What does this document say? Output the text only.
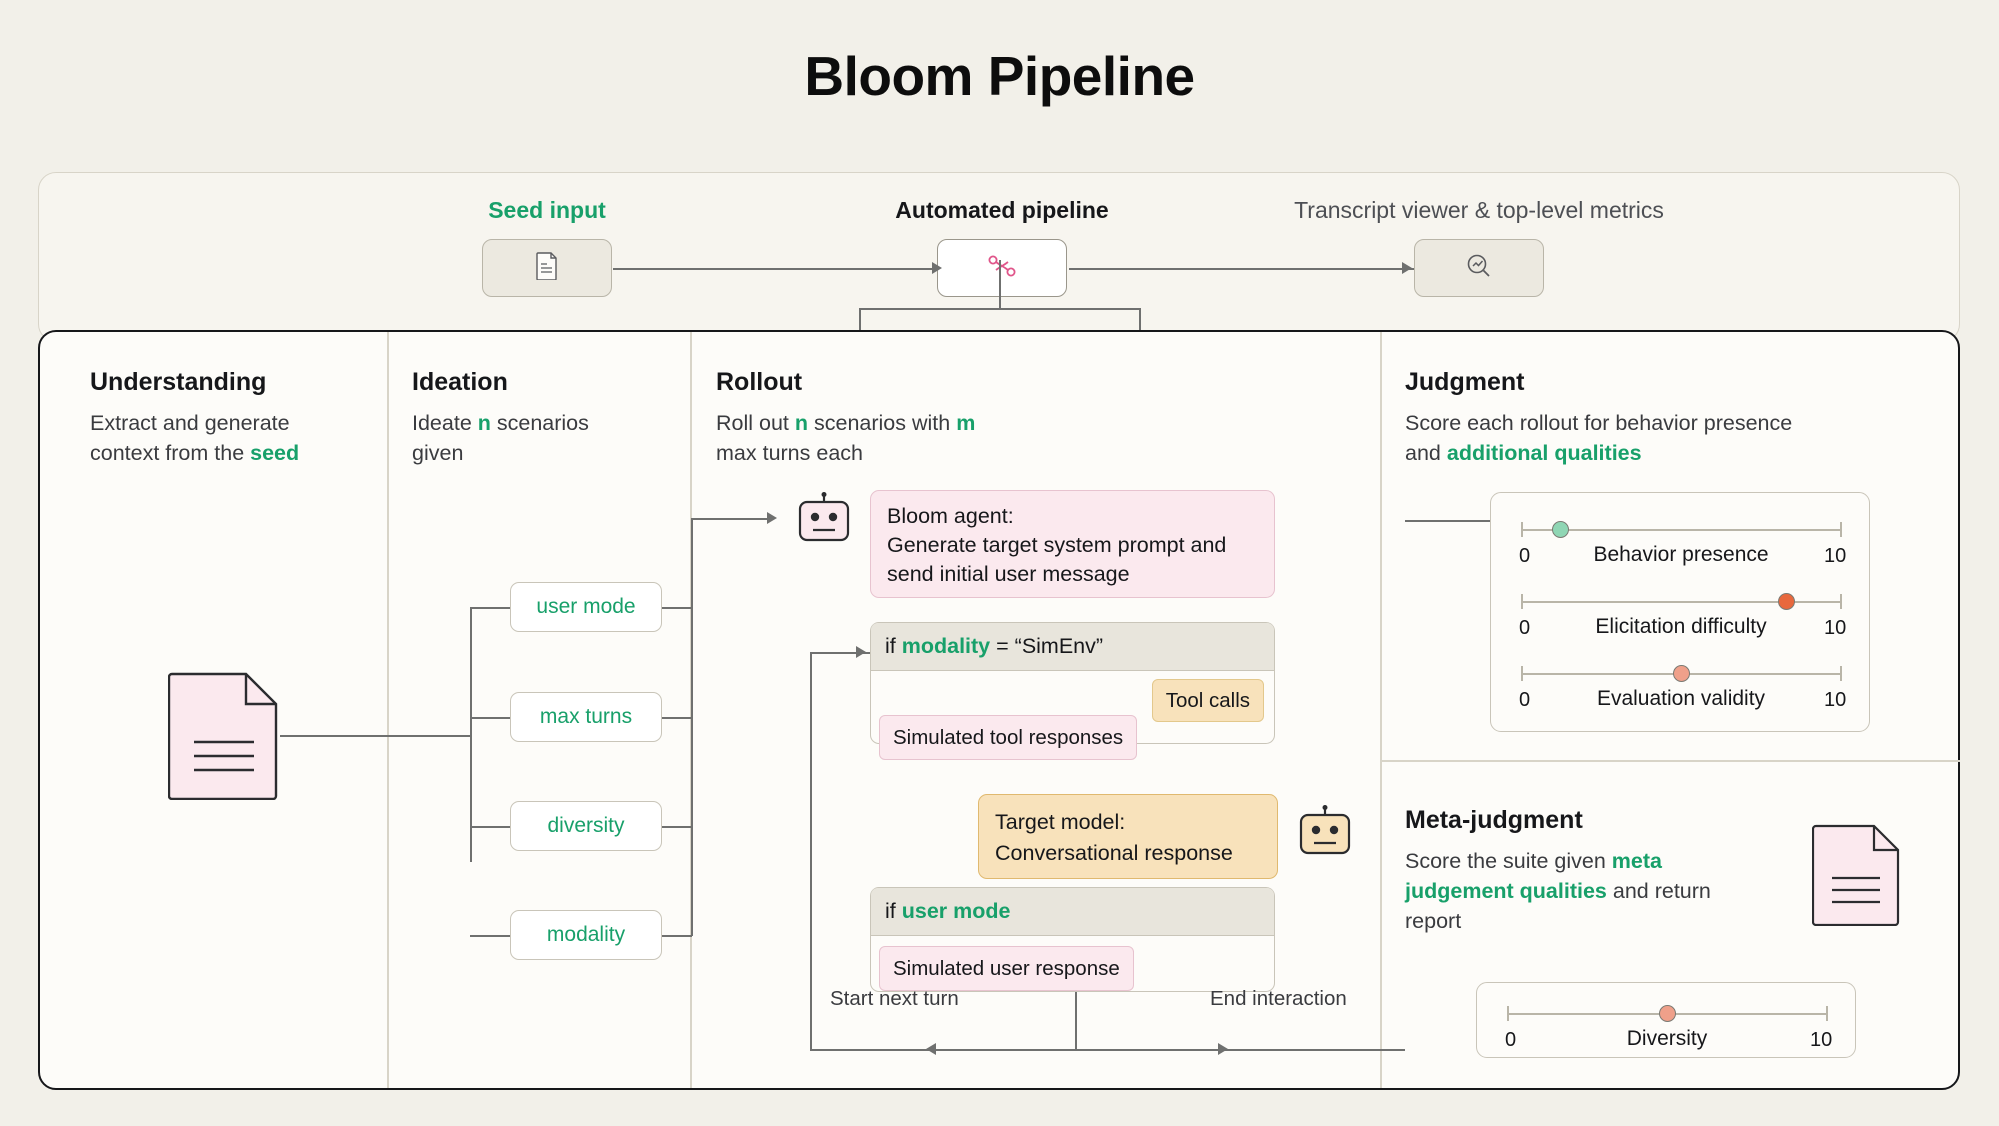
Bloom Pipeline
Seed input	Automated pipeline	Transcript viewer & top-level metrics
Understanding
Extract and generate context from the seed
Ideation
Ideate n scenarios given
user mode
max turns
diversity
modality
Rollout
Roll out n scenarios with m max turns each
Bloom agent:
Generate target system prompt and send initial user message
if modality = “SimEnv”
Tool calls
Simulated tool responses
Target model:
Conversational response
if user mode
Simulated user response
Start next turn	End interaction
Judgment
Score each rollout for behavior presence and additional qualities
0	Behavior presence	10
0	Elicitation difficulty	10
0	Evaluation validity	10
Meta-judgment
Score the suite given meta judgement qualities and return report
0	Diversity	10
